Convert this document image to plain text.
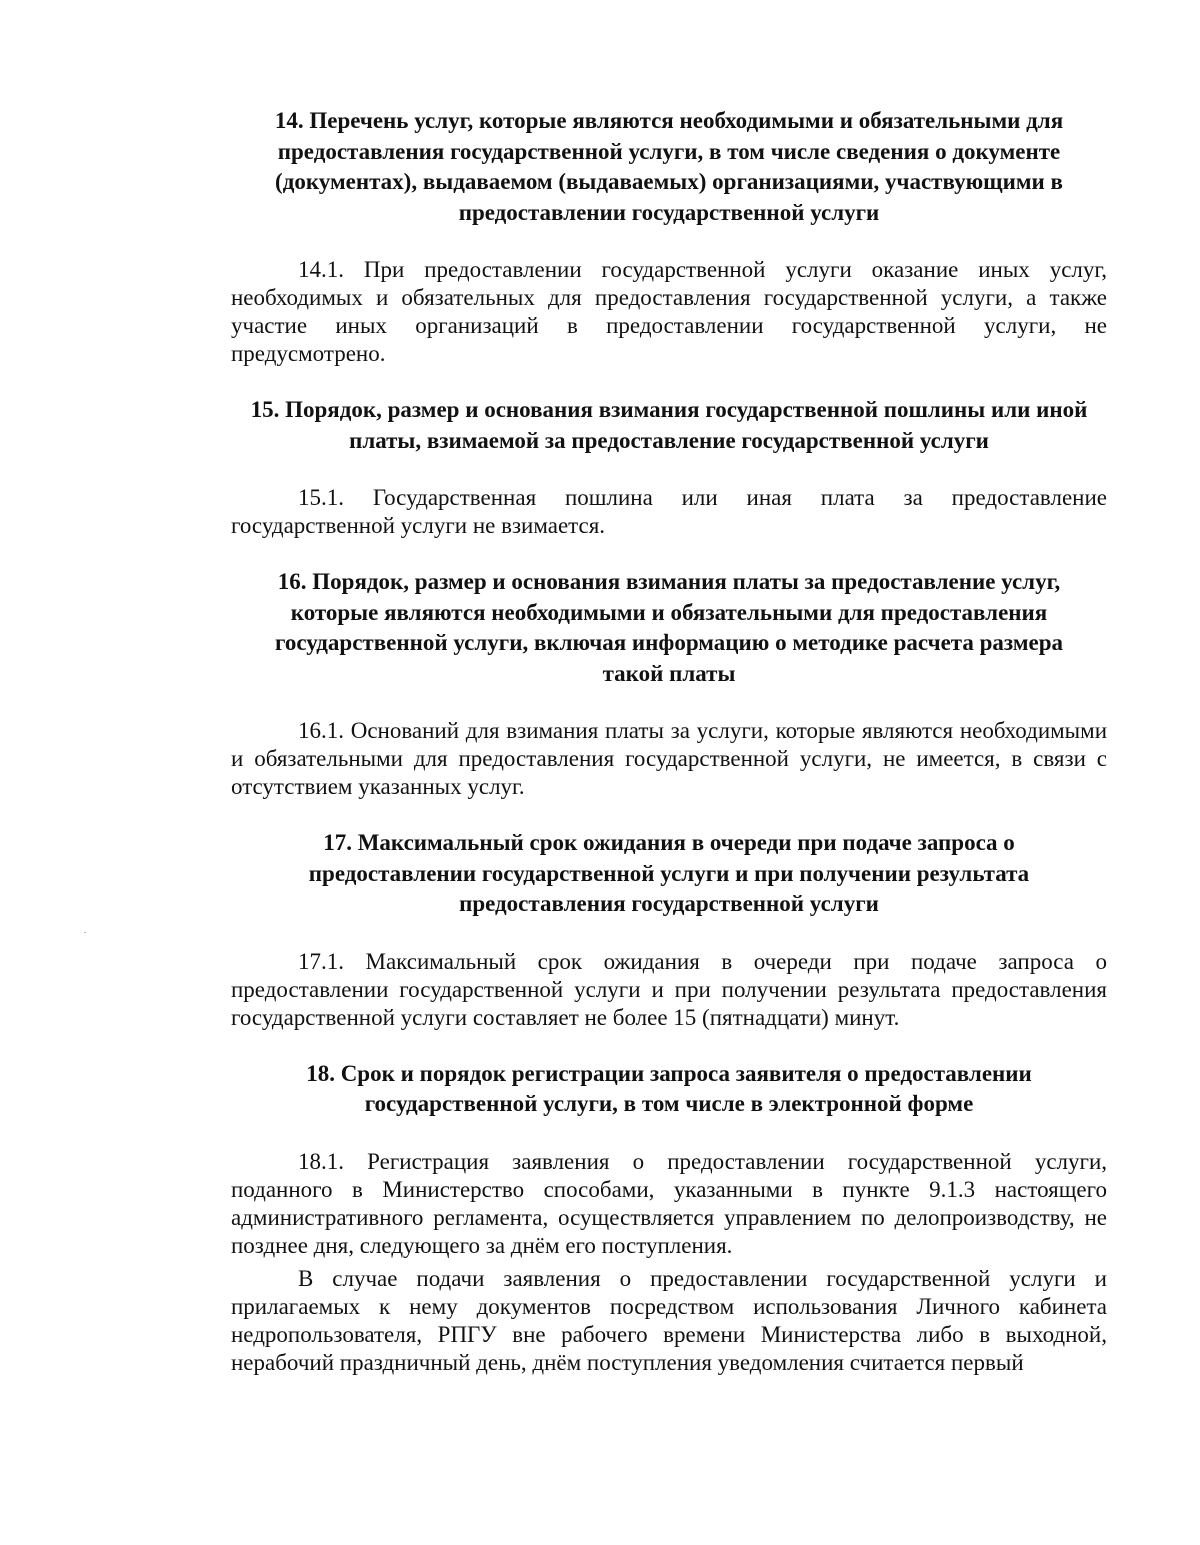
14. Перечень услуг, которые являются необходимыми и обязательными для предоставления государственной услуги, в том числе сведения о документе (документах), выдаваемом (выдаваемых) организациями, участвующими в предоставлении государственной услуги

14.1. При предоставлении государственной услуги оказание иных услуг, необходимых и обязательных для предоставления государственной услуги, а также участие иных организаций в предоставлении государственной услуги, не предусмотрено.

15. Порядок, размер и основания взимания государственной пошлины или иной платы, взимаемой за предоставление государственной услуги

15.1. Государственная пошлина или иная плата за предоставление государственной услуги не взимается.

16. Порядок, размер и основания взимания платы за предоставление услуг, которые являются необходимыми и обязательными для предоставления государственной услуги, включая информацию о методике расчета размера такой платы

16.1. Оснований для взимания платы за услуги, которые являются необходимыми и обязательными для предоставления государственной услуги, не имеется, в связи с отсутствием указанных услуг.

17. Максимальный срок ожидания в очереди при подаче запроса о предоставлении государственной услуги и при получении результата предоставления государственной услуги

17.1. Максимальный срок ожидания в очереди при подаче запроса о предоставлении государственной услуги и при получении результата предоставления государственной услуги составляет не более 15 (пятнадцати) минут.

18. Срок и порядок регистрации запроса заявителя о предоставлении государственной услуги, в том числе в электронной форме

18.1. Регистрация заявления о предоставлении государственной услуги, поданного в Министерство способами, указанными в пункте 9.1.3 настоящего административного регламента, осуществляется управлением по делопроизводству, не позднее дня, следующего за днём его поступления.

В случае подачи заявления о предоставлении государственной услуги и прилагаемых к нему документов посредством использования Личного кабинета недропользователя, РПГУ вне рабочего времени Министерства либо в выходной, нерабочий праздничный день, днём поступления уведомления считается первый
